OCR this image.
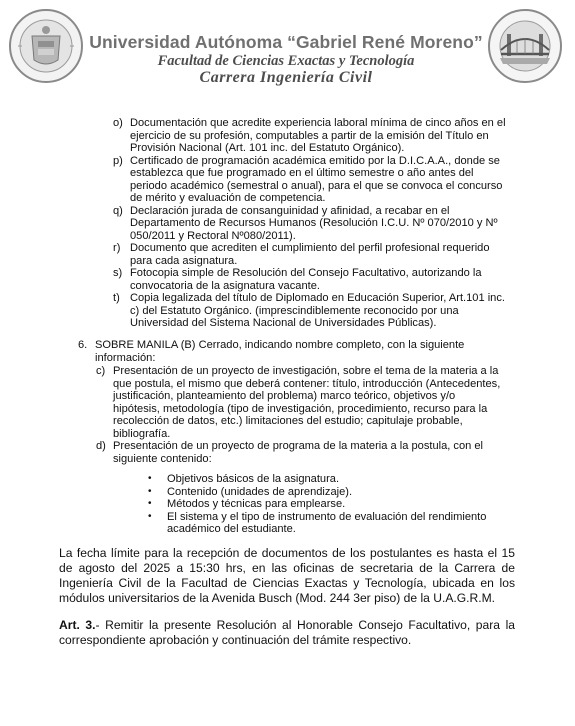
Universidad Autónoma “Gabriel René Moreno”
Facultad de Ciencias Exactas y Tecnología
Carrera Ingeniería Civil
o) Documentación que acredite experiencia laboral mínima de cinco años en el
ejercicio de su profesión, computables a partir de la emisión del Título en
Provisión Nacional (Art. 101 inc. del Estatuto Orgánico).
p) Certificado de programación académica emitido por la D.I.C.A.A., donde se
establezca que fue programado en el último semestre o año antes del
periodo académico (semestral o anual), para el que se convoca el concurso
de mérito y evaluación de competencia.
q) Declaración jurada de consanguinidad y afinidad, a recabar en el
Departamento de Recursos Humanos (Resolución I.C.U. Nº 070/2010 y Nº
050/2011 y Rectoral Nº080/2011).
r) Documento que acrediten el cumplimiento del perfil profesional requerido
para cada asignatura.
s) Fotocopia simple de Resolución del Consejo Facultativo, autorizando la
convocatoria de la asignatura vacante.
t) Copia legalizada del título de Diplomado en Educación Superior, Art.101 inc.
c) del Estatuto Orgánico. (imprescindiblemente reconocido por una
Universidad del Sistema Nacional de Universidades Públicas).
6. SOBRE MANILA (B) Cerrado, indicando nombre completo, con la siguiente
información:
c) Presentación de un proyecto de investigación, sobre el tema de la materia a la
que postula, el mismo que deberá contener: título, introducción (Antecedentes,
justificación, planteamiento del problema) marco teórico, objetivos y/o
hipótesis, metodología (tipo de investigación, procedimiento, recurso para la
recolección de datos, etc.) limitaciones del estudio; capitulaje probable,
bibliografía.
d) Presentación de un proyecto de programa de la materia a la postula, con el
siguiente contenido:
• Objetivos básicos de la asignatura.
• Contenido (unidades de aprendizaje).
• Métodos y técnicas para emplearse.
• El sistema y el tipo de instrumento de evaluación del rendimiento
académico del estudiante.
La fecha límite para la recepción de documentos de los postulantes es hasta el 15
de agosto del 2025 a 15:30 hrs, en las oficinas de secretaria de la Carrera de
Ingeniería Civil de la Facultad de Ciencias Exactas y Tecnología, ubicada en los
módulos universitarios de la Avenida Busch (Mod. 244 3er piso) de la U.A.G.R.M.
Art. 3.- Remitir la presente Resolución al Honorable Consejo Facultativo, para la
correspondiente aprobación y continuación del trámite respectivo.
